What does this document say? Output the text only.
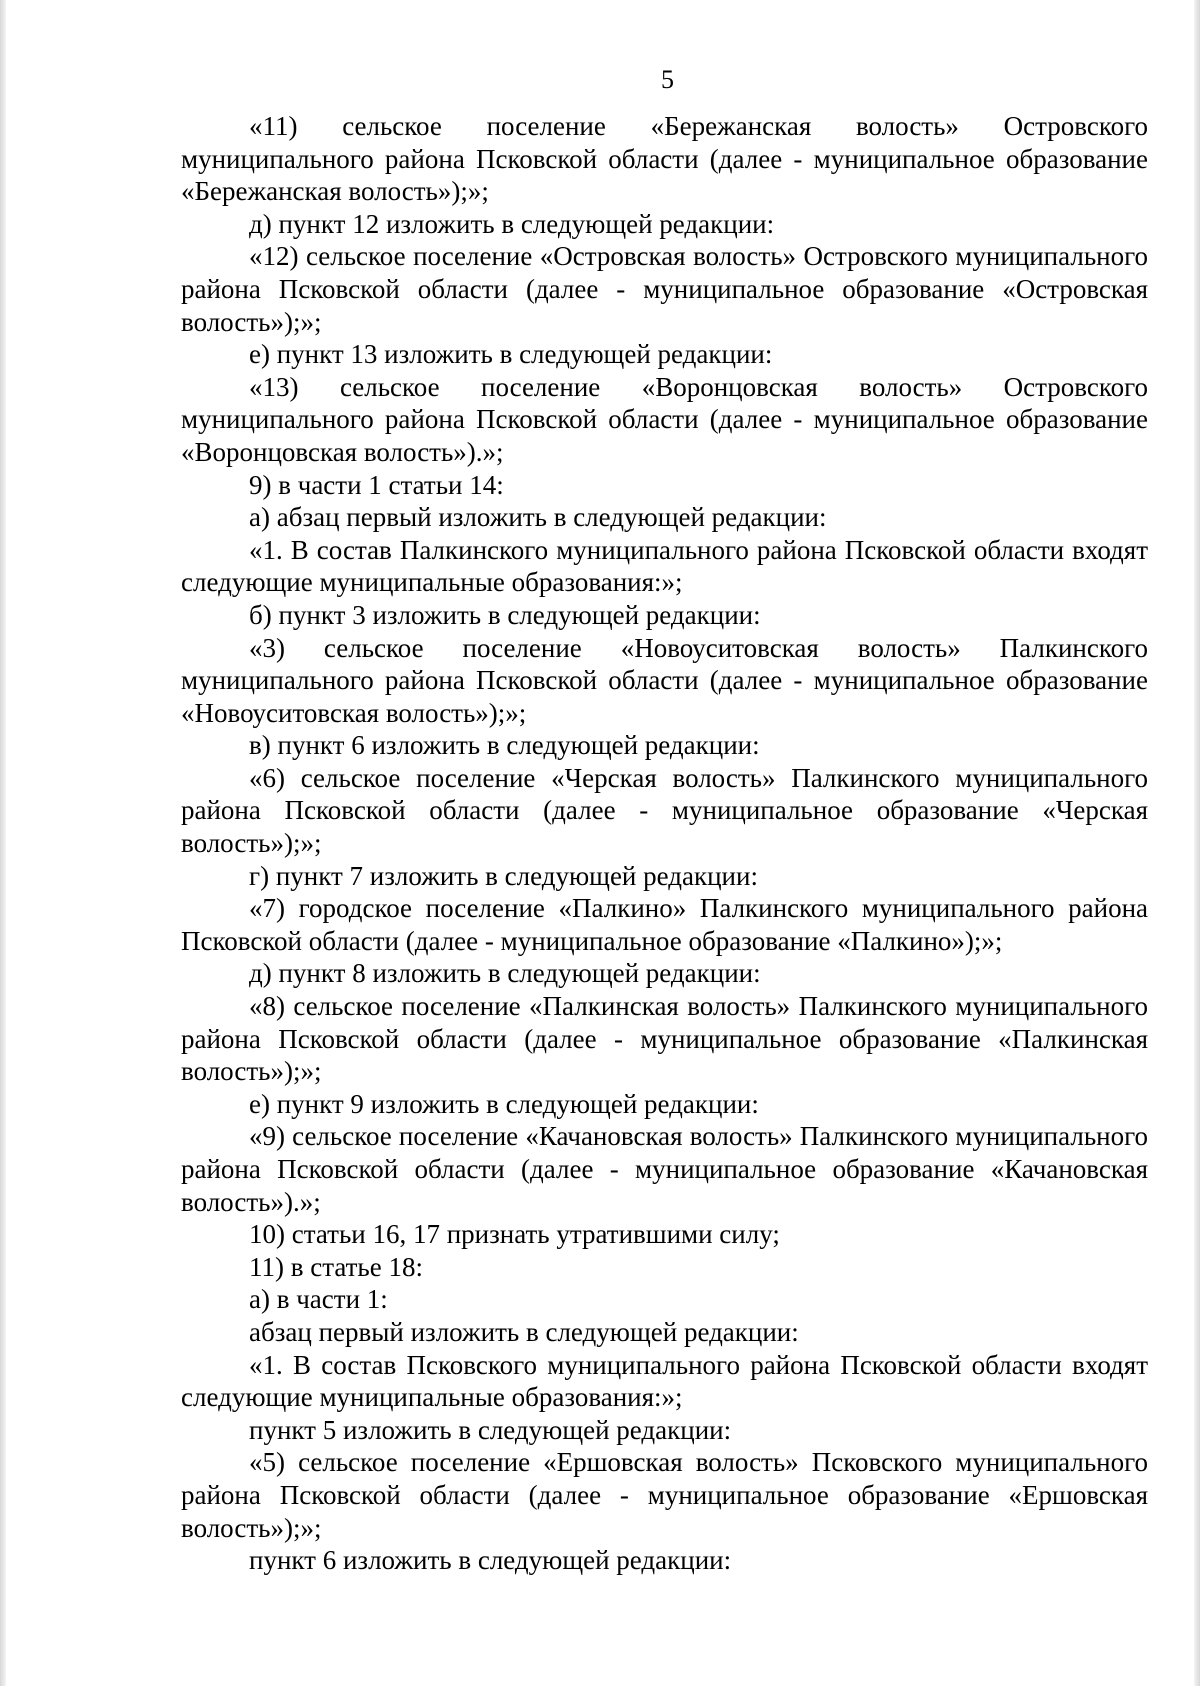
5

«11) сельское поселение «Бережанская волость» Островского муниципального района Псковской области (далее - муниципальное образование «Бережанская волость»);»;

д) пункт 12 изложить в следующей редакции:

«12) сельское поселение «Островская волость» Островского муниципального района Псковской области (далее - муниципальное образование «Островская волость»);»;

е) пункт 13 изложить в следующей редакции:

«13) сельское поселение «Воронцовская волость» Островского муниципального района Псковской области (далее - муниципальное образование «Воронцовская волость»).»;

9) в части 1 статьи 14:

а) абзац первый изложить в следующей редакции:

«1. В состав Палкинского муниципального района Псковской области входят следующие муниципальные образования:»;

б) пункт 3 изложить в следующей редакции:

«3) сельское поселение «Новоуситовская волость» Палкинского муниципального района Псковской области (далее - муниципальное образование «Новоуситовская волость»);»;

в) пункт 6 изложить в следующей редакции:

«6) сельское поселение «Черская волость» Палкинского муниципального района Псковской области (далее - муниципальное образование «Черская волость»);»;

г) пункт 7 изложить в следующей редакции:

«7) городское поселение «Палкино» Палкинского муниципального района Псковской области (далее - муниципальное образование «Палкино»);»;

д) пункт 8 изложить в следующей редакции:

«8) сельское поселение «Палкинская волость» Палкинского муниципального района Псковской области (далее - муниципальное образование «Палкинская волость»);»;

е) пункт 9 изложить в следующей редакции:

«9) сельское поселение «Качановская волость» Палкинского муниципального района Псковской области (далее - муниципальное образование «Качановская волость»).»;

10) статьи 16, 17 признать утратившими силу;

11) в статье 18:

а) в части 1:

абзац первый изложить в следующей редакции:

«1. В состав Псковского муниципального района Псковской области входят следующие муниципальные образования:»;

пункт 5 изложить в следующей редакции:

«5) сельское поселение «Ершовская волость» Псковского муниципального района Псковской области (далее - муниципальное образование «Ершовская волость»);»;

пункт 6 изложить в следующей редакции:
